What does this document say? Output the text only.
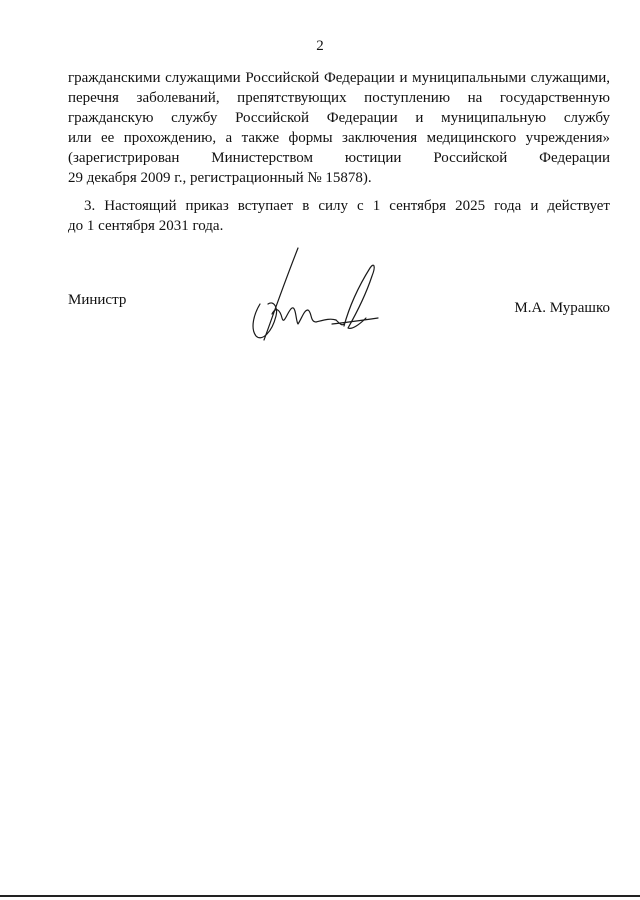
2
гражданскими служащими Российской Федерации и муниципальными служащими,
перечня заболеваний, препятствующих поступлению на государственную
гражданскую службу Российской Федерации и муниципальную службу
или ее прохождению, а также формы заключения медицинского учреждения»
(зарегистрирован Министерством юстиции Российской Федерации
29 декабря 2009 г., регистрационный № 15878).
3. Настоящий приказ вступает в силу с 1 сентября 2025 года и действует
до 1 сентября 2031 года.
Министр	М.А. Мурашко
